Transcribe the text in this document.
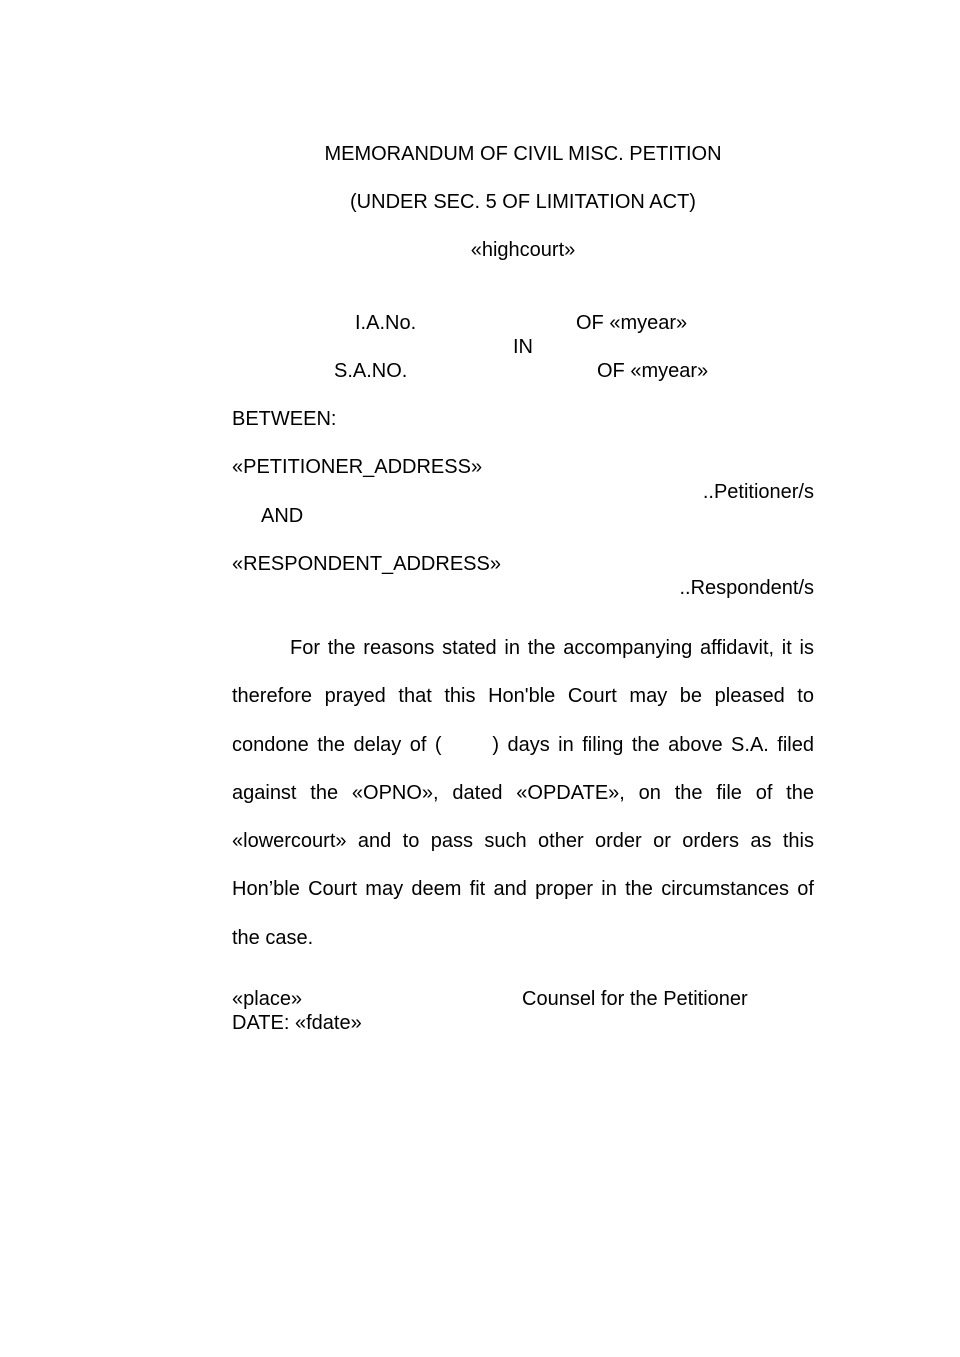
MEMORANDUM OF CIVIL MISC. PETITION
(UNDER SEC. 5 OF LIMITATION ACT)
«highcourt»
I.A.No.	OF «myear»
IN
S.A.NO.	OF «myear»
BETWEEN:
«PETITIONER_ADDRESS»
..Petitioner/s
AND
«RESPONDENT_ADDRESS»
..Respondent/s
For the reasons stated in the accompanying affidavit, it is therefore prayed that this Hon'ble Court may be pleased to condone the delay of (      ) days in filing the above S.A. filed against the «OPNO», dated «OPDATE», on the file of the «lowercourt» and to pass such other order or orders as this Hon’ble Court may deem fit and proper in the circumstances of the case.
«place»	Counsel for the Petitioner
DATE: «fdate»
